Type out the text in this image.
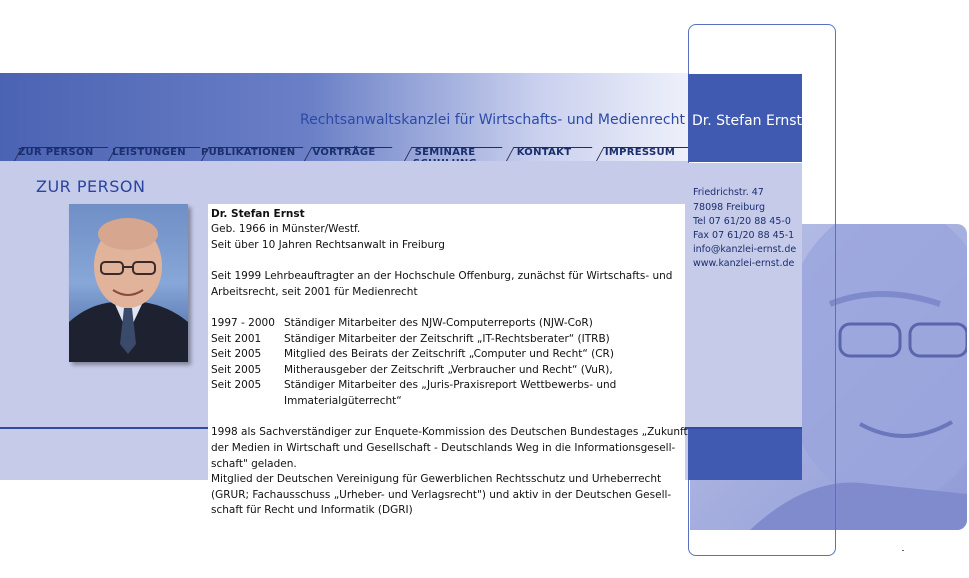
Rechtsanwaltskanzlei für Wirtschafts- und Medienrecht
ZUR PERSON LEISTUNGEN PUBLIKATIONEN	VORTRÄGE	SEMINARE	KONTAKT	IMPRESSUM
ZUR PERSON
Dr. Stefan Ernst
Geb. 1966 in Münster/Westf.
Seit über 10 Jahren Rechtsanwalt in Freiburg
Seit 1999 Lehrbeauftragter an der Hochschule Offenburg, zunächst für Wirtschafts- und
Arbeitsrecht, seit 2001 für Medienrecht
1997 - 2000 Ständiger Mitarbeiter des NJW-Computerreports (NJW-CoR)
Seit 2001 Ständiger Mitarbeiter der Zeitschrift „IT-Rechtsberater“ (ITRB)
Seit 2005 Mitglied des Beirats der Zeitschrift „Computer und Recht“ (CR)
Seit 2005 Mitherausgeber der Zeitschrift „Verbraucher und Recht“ (VuR),
Seit 2005 Ständiger Mitarbeiter des „Juris-Praxisreport Wettbewerbs- und
Immaterialgüterrecht“
1998 als Sachverständiger zur Enquete-Kommission des Deutschen Bundestages „Zukunft
der Medien in Wirtschaft und Gesellschaft - Deutschlands Weg in die Informationsgesell-
schaft" geladen.
Mitglied der Deutschen Vereinigung für Gewerblichen Rechtsschutz und Urheberrecht
(GRUR; Fachausschuss „Urheber- und Verlagsrecht") und aktiv in der Deutschen Gesell-
schaft für Recht und Informatik (DGRI)
Dr. Stefan Ernst
Friedrichstr. 47
78098 Freiburg
Tel 07 61/20 88 45-0
Fax 07 61/20 88 45-1
info@kanzlei-ernst.de
www.kanzlei-ernst.de
